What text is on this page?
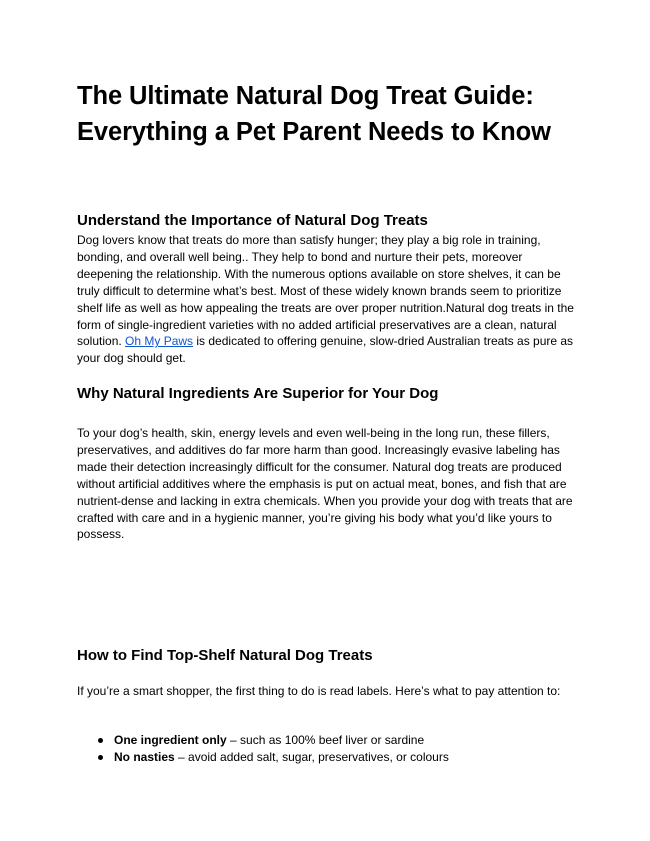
The Ultimate Natural Dog Treat Guide: Everything a Pet Parent Needs to Know
Understand the Importance of Natural Dog Treats

Dog lovers know that treats do more than satisfy hunger; they play a big role in training, bonding, and overall well being.. They help to bond and nurture their pets, moreover deepening the relationship. With the numerous options available on store shelves, it can be truly difficult to determine what’s best. Most of these widely known brands seem to prioritize shelf life as well as how appealing the treats are over proper nutrition.Natural dog treats in the form of single-ingredient varieties with no added artificial preservatives are a clean, natural solution. Oh My Paws is dedicated to offering genuine, slow-dried Australian treats as pure as your dog should get.

Why Natural Ingredients Are Superior for Your Dog

To your dog’s health, skin, energy levels and even well-being in the long run, these fillers, preservatives, and additives do far more harm than good. Increasingly evasive labeling has made their detection increasingly difficult for the consumer. Natural dog treats are produced without artificial additives where the emphasis is put on actual meat, bones, and fish that are nutrient-dense and lacking in extra chemicals. When you provide your dog with treats that are crafted with care and in a hygienic manner, you’re giving his body what you’d like yours to possess.

How to Find Top-Shelf Natural Dog Treats

If you’re a smart shopper, the first thing to do is read labels. Here’s what to pay attention to:

One ingredient only – such as 100% beef liver or sardine
No nasties – avoid added salt, sugar, preservatives, or colours
